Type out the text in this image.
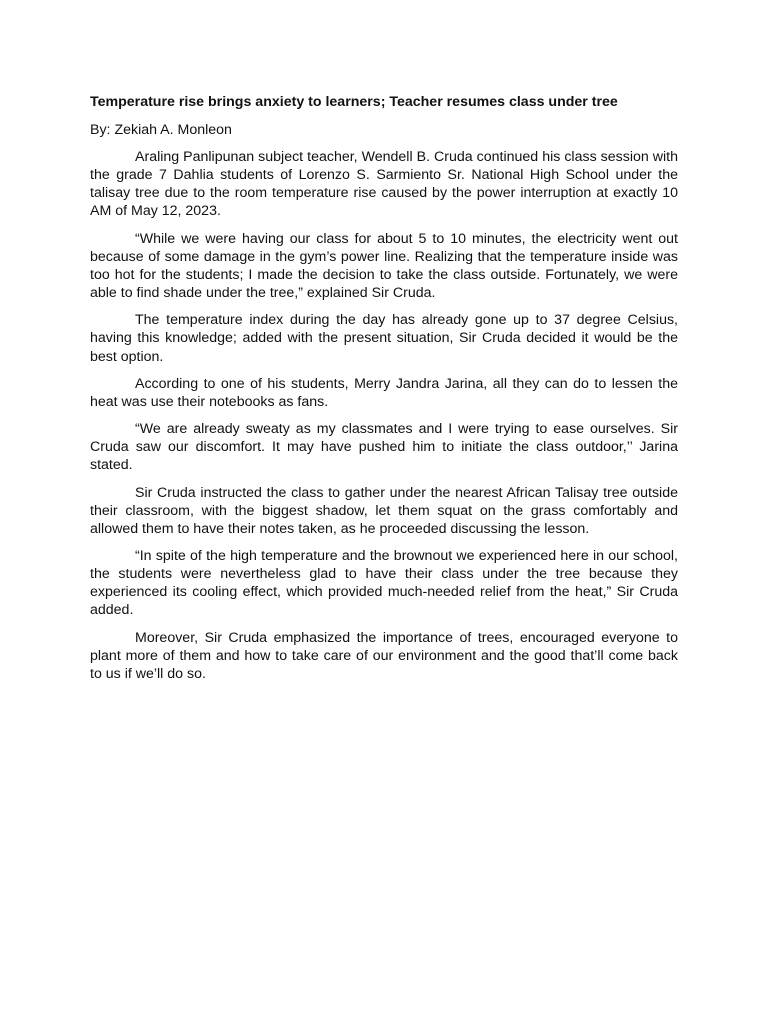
Temperature rise brings anxiety to learners; Teacher resumes class under tree
By: Zekiah A. Monleon

Araling Panlipunan subject teacher, Wendell B. Cruda continued his class session with the grade 7 Dahlia students of Lorenzo S. Sarmiento Sr. National High School under the talisay tree due to the room temperature rise caused by the power interruption at exactly 10 AM of May 12, 2023.

“While we were having our class for about 5 to 10 minutes, the electricity went out because of some damage in the gym’s power line. Realizing that the temperature inside was too hot for the students; I made the decision to take the class outside. Fortunately, we were able to find shade under the tree,” explained Sir Cruda.

The temperature index during the day has already gone up to 37 degree Celsius, having this knowledge; added with the present situation, Sir Cruda decided it would be the best option.

According to one of his students, Merry Jandra Jarina, all they can do to lessen the heat was use their notebooks as fans.

“We are already sweaty as my classmates and I were trying to ease ourselves. Sir Cruda saw our discomfort. It may have pushed him to initiate the class outdoor,’’ Jarina stated.

Sir Cruda instructed the class to gather under the nearest African Talisay tree outside their classroom, with the biggest shadow, let them squat on the grass comfortably and allowed them to have their notes taken, as he proceeded discussing the lesson.

“In spite of the high temperature and the brownout we experienced here in our school, the students were nevertheless glad to have their class under the tree because they experienced its cooling effect, which provided much-needed relief from the heat,” Sir Cruda added.

Moreover, Sir Cruda emphasized the importance of trees, encouraged everyone to plant more of them and how to take care of our environment and the good that’ll come back to us if we’ll do so.
